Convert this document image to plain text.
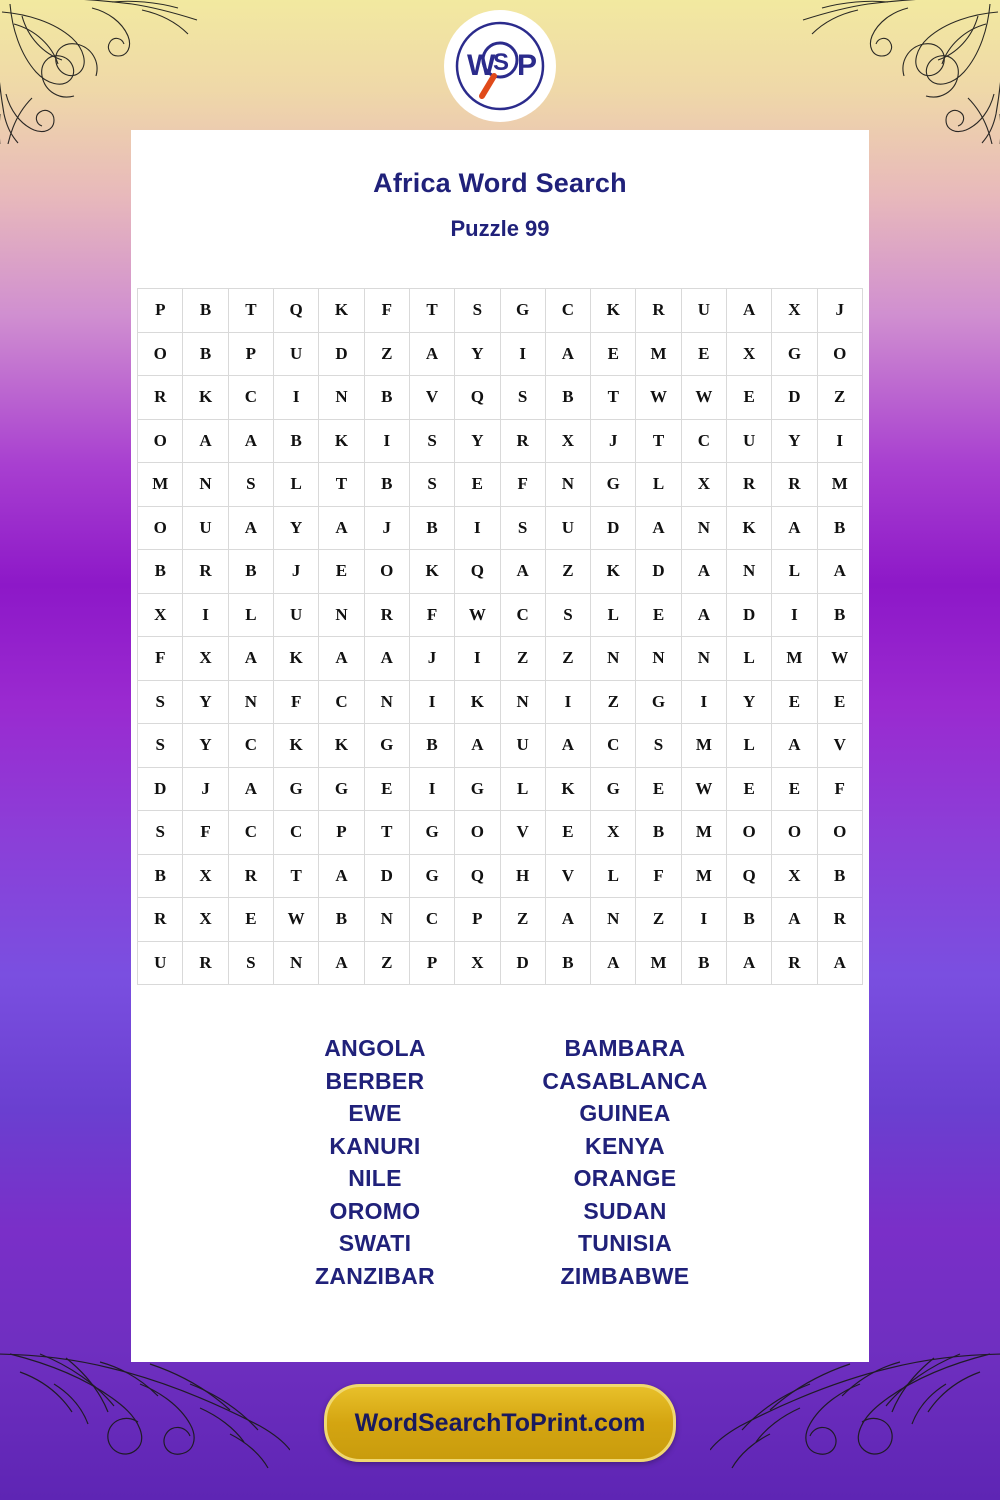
W P
S
Africa Word Search
Puzzle 99
P	B	T	Q	K	F	T	S	G	C	K	R	U	A	X	J
O	B	P	U	D	Z	A	Y	I	A	E	M	E	X	G	O
R	K	C	I	N	B	V	Q	S	B	T	W	W	E	D	Z
O	A	A	B	K	I	S	Y	R	X	J	T	C	U	Y	I
M	N	S	L	T	B	S	E	F	N	G	L	X	R	R	M
O	U	A	Y	A	J	B	I	S	U	D	A	N	K	A	B
B	R	B	J	E	O	K	Q	A	Z	K	D	A	N	L	A
X	I	L	U	N	R	F	W	C	S	L	E	A	D	I	B
F	X	A	K	A	A	J	I	Z	Z	N	N	N	L	M	W
S	Y	N	F	C	N	I	K	N	I	Z	G	I	Y	E	E
S	Y	C	K	K	G	B	A	U	A	C	S	M	L	A	V
D	J	A	G	G	E	I	G	L	K	G	E	W	E	E	F
S	F	C	C	P	T	G	O	V	E	X	B	M	O	O	O
B	X	R	T	A	D	G	Q	H	V	L	F	M	Q	X	B
R	X	E	W	B	N	C	P	Z	A	N	Z	I	B	A	R
U	R	S	N	A	Z	P	X	D	B	A	M	B	A	R	A
ANGOLA
BERBER
EWE
KANURI
NILE
OROMO
SWATI
ZANZIBAR
BAMBARA
CASABLANCA
GUINEA
KENYA
ORANGE
SUDAN
TUNISIA
ZIMBABWE
WordSearchToPrint.com
